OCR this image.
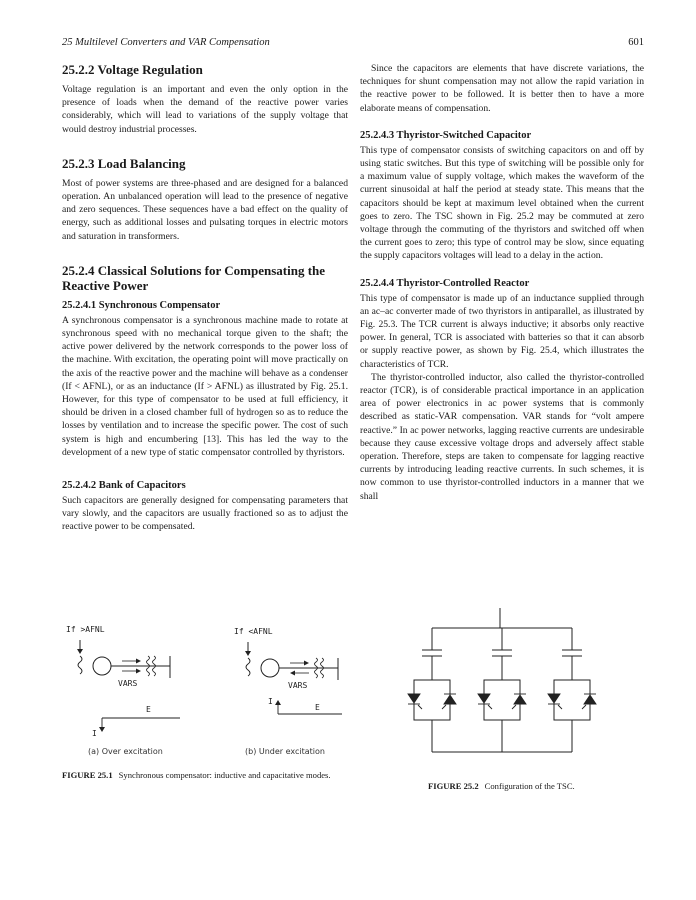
25 Multilevel Converters and VAR Compensation	601
25.2.2 Voltage Regulation

Voltage regulation is an important and even the only option in the presence of loads when the demand of the reactive power varies considerably, which will lead to variations of the supply voltage that would destroy industrial processes.

25.2.3 Load Balancing

Most of power systems are three-phased and are designed for a balanced operation. An unbalanced operation will lead to the presence of negative and zero sequences. These sequences have a bad effect on the quality of energy, such as additional losses and pulsating torques in electric motors and saturation in transformers.

25.2.4 Classical Solutions for Compensating the Reactive Power
25.2.4.1 Synchronous Compensator

A synchronous compensator is a synchronous machine made to rotate at synchronous speed with no mechanical torque given to the shaft; the active power delivered by the network corresponds to the power loss of the machine. With excitation, the operating point will move practically on the axis of the reactive power and the machine will behave as a condenser (If < AFNL), or as an inductance (If > AFNL) as illustrated by Fig. 25.1. However, for this type of compensator to be used at full efficiency, it should be driven in a closed chamber full of hydrogen so as to reduce the losses by ventilation and to increase the specific power. The cost of such system is high and encumbering [13]. This has led the way to the development of a new type of static compensator controlled by thyristors.

25.2.4.2 Bank of Capacitors

Such capacitors are generally designed for compensating parameters that vary slowly, and the capacitors are usually fractioned so as to adjust the reactive power to be compensated.

Since the capacitors are elements that have discrete variations, the techniques for shunt compensation may not allow the rapid variation in the reactive power to be followed. It is better then to have a more elaborate means of compensation.

25.2.4.3 Thyristor-Switched Capacitor

This type of compensator consists of switching capacitors on and off by using static switches. But this type of switching will be possible only for a maximum value of supply voltage, which makes the waveform of the current sinusoidal at half the period at steady state. This means that the capacitors should be kept at maximum level obtained when the current goes to zero. The TSC shown in Fig. 25.2 may be commuted at zero voltage through the commuting of the thyristors and switched off when the current goes to zero; this type of control may be slow, since equating the supply capacitors voltages will lead to a delay in the action.

25.2.4.4 Thyristor-Controlled Reactor

This type of compensator is made up of an inductance supplied through an ac–ac converter made of two thyristors in antiparallel, as illustrated by Fig. 25.3. The TCR current is always inductive; it absorbs only reactive power. In general, TCR is associated with batteries so that it can absorb or supply reactive power, as shown by Fig. 25.4, which illustrates the characteristics of TCR.

The thyristor-controlled inductor, also called the thyristor-controlled reactor (TCR), is of considerable practical importance in an application area of power electronics in ac power systems that is commonly described as static-VAR compensation. VAR stands for “volt ampere reactive.” In ac power networks, lagging reactive currents are undesirable because they cause excessive voltage drops and adversely affect stable operation. Therefore, steps are taken to compensate for lagging reactive currents by introducing leading reactive currents. In such schemes, it is now common to use thyristor-controlled inductors in a manner that we shall

If >AFNL
VARS
E
I
(a) Over excitation
If <AFNL
VARS
E
I
(b) Under excitation
FIGURE 25.1 Synchronous compensator: inductive and capacitative modes.
FIGURE 25.2 Configuration of the TSC.
